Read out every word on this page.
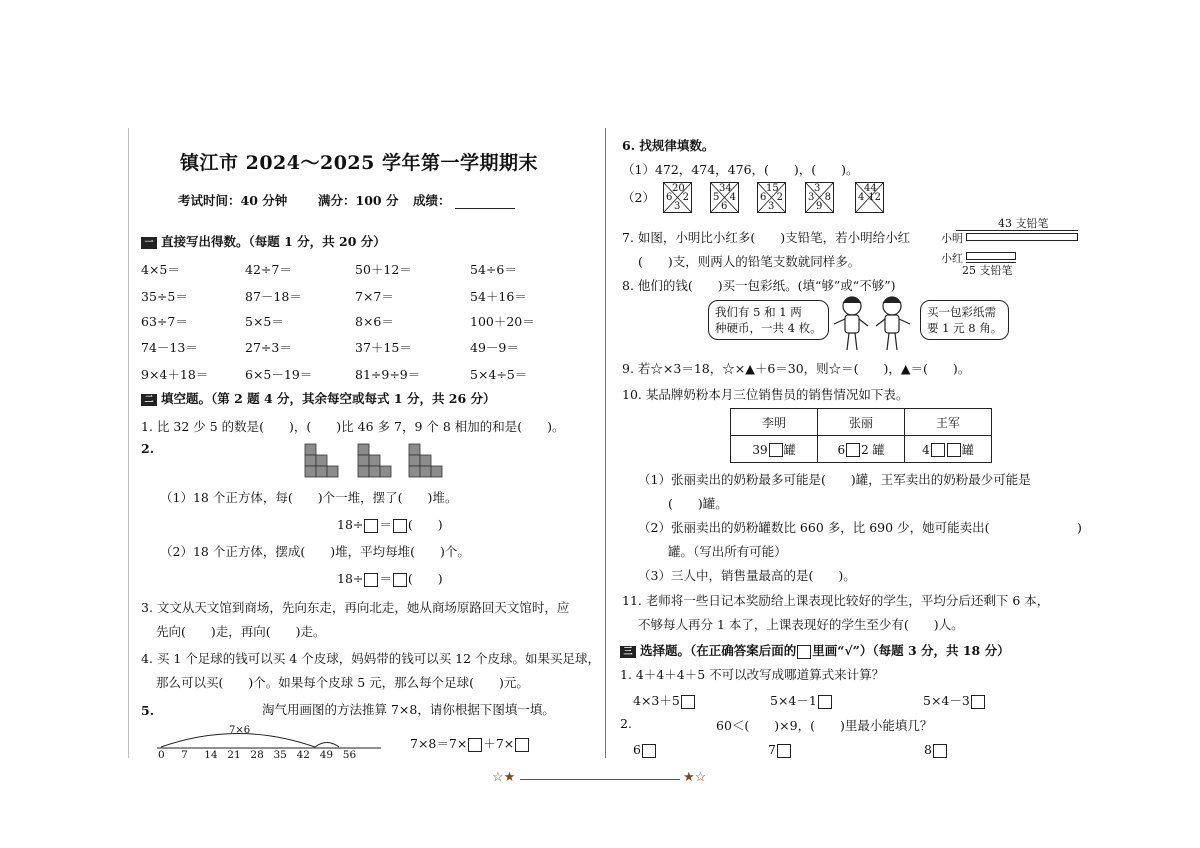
镇江市 2024～2025 学年第一学期期末
考试时间：40 分钟 满分：100 分 成绩：
一 直接写出得数。（每题 1 分，共 20 分）
4×5＝	42÷7＝	50＋12＝	54÷6＝
35÷5＝	87－18＝	7×7＝	54＋16＝
63÷7＝	5×5＝	8×6＝	100＋20＝
74－13＝	27÷3＝	37＋15＝	49－9＝
9×4＋18＝	6×5－19＝	81÷9÷9＝	5×4÷5＝
二 填空题。（第 2 题 4 分，其余每空或每式 1 分，共 26 分）
1. 比 32 少 5 的数是(　　)，(　　)比 46 多 7，9 个 8 相加的和是(　　)。
2.
（1）18 个正方体，每(　　)个一堆，摆了(　　)堆。
18÷ ＝ (　　)
（2）18 个正方体，摆成(　　)堆，平均每堆(　　)个。
18÷ ＝ (　　)
3. 文文从天文馆到商场，先向东走，再向北走，她从商场原路回天文馆时，应
先向(　　)走，再向(　　)走。
4. 买 1 个足球的钱可以买 4 个皮球，妈妈带的钱可以买 12 个皮球。如果买足球，
那么可以买(　　)个。如果每个皮球 5 元，那么每个足球(　　)元。
5.	淘气用画图的方法推算 7×8，请你根据下图填一填。
7×6
0 7 14 21 28 35 42 49 56
7×8＝7× ＋7×
6. 找规律填数。
（1）472，474，476，(　　)，(　　)。
（2）
20
6 2
3
34
5 4
6
15
6 2
3
3
3 8
9
44
4 12
7. 如图，小明比小红多(　　)支铅笔，若小明给小红
(　　)支，则两人的铅笔支数就同样多。
43 支铅笔
小明
小红
25 支铅笔
8. 他们的钱(　　)买一包彩纸。(填“够”或“不够”)
我们有 5 和 1 两
种硬币，一共 4 枚。
买一包彩纸需
要 1 元 8 角。
9. 若☆×3＝18，☆×▲＋6＝30，则☆＝(　　)，▲＝(　　)。
10. 某品牌奶粉本月三位销售员的销售情况如下表。
李明	张丽	王军
39 罐	6 2 罐	4 罐
（1）张丽卖出的奶粉最多可能是(　　)罐，王军卖出的奶粉最少可能是
(　　)罐。
（2）张丽卖出的奶粉罐数比 660 多，比 690 少，她可能卖出(　　　　　　　)
罐。（写出所有可能）
（3）三人中，销售量最高的是(　　)。
11. 老师将一些日记本奖励给上课表现比较好的学生，平均分后还剩下 6 本，
不够每人再分 1 本了，上课表现好的学生至少有(　　)人。
三 选择题。（在正确答案后面的 里画“√”）（每题 3 分，共 18 分）
1. 4＋4＋4＋5 不可以改写成哪道算式来计算？
4×3＋5	5×4－1	5×4－3
2.	60＜(　　)×9，(　　)里最小能填几？
6	7	8
☆★	★☆
